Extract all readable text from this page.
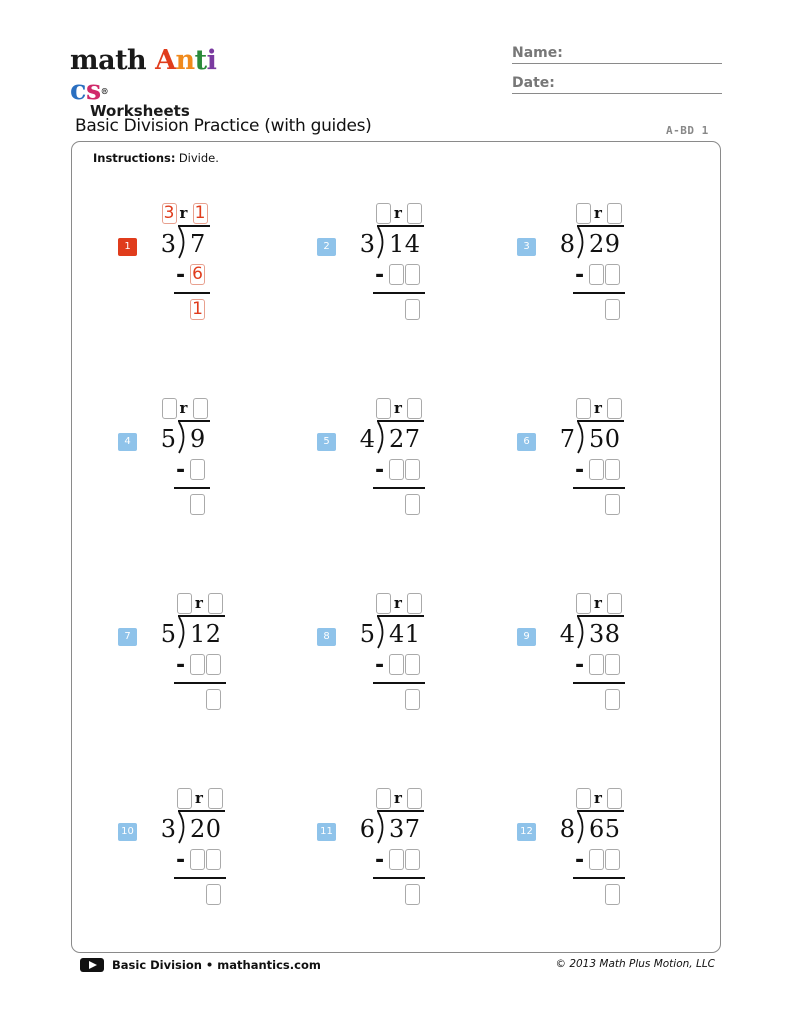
math Antics®
Worksheets
Name:
Date:
Basic Division Practice (with guides)	A-BD 1
Instructions: Divide.
1 3 7
3 r 1
- 6
1
2 3 14
r
-
3 8 29
r
-
4 5 9
r
-
5 4 27
r
-
6 7 50
r
-
7 5 12
r
-
8 5 41
r
-
9 4 38
r
-
10 3 20
r
-
11 6 37
r
-
12 8 65
r
-
Basic Division • mathantics.com	© 2013 Math Plus Motion, LLC
